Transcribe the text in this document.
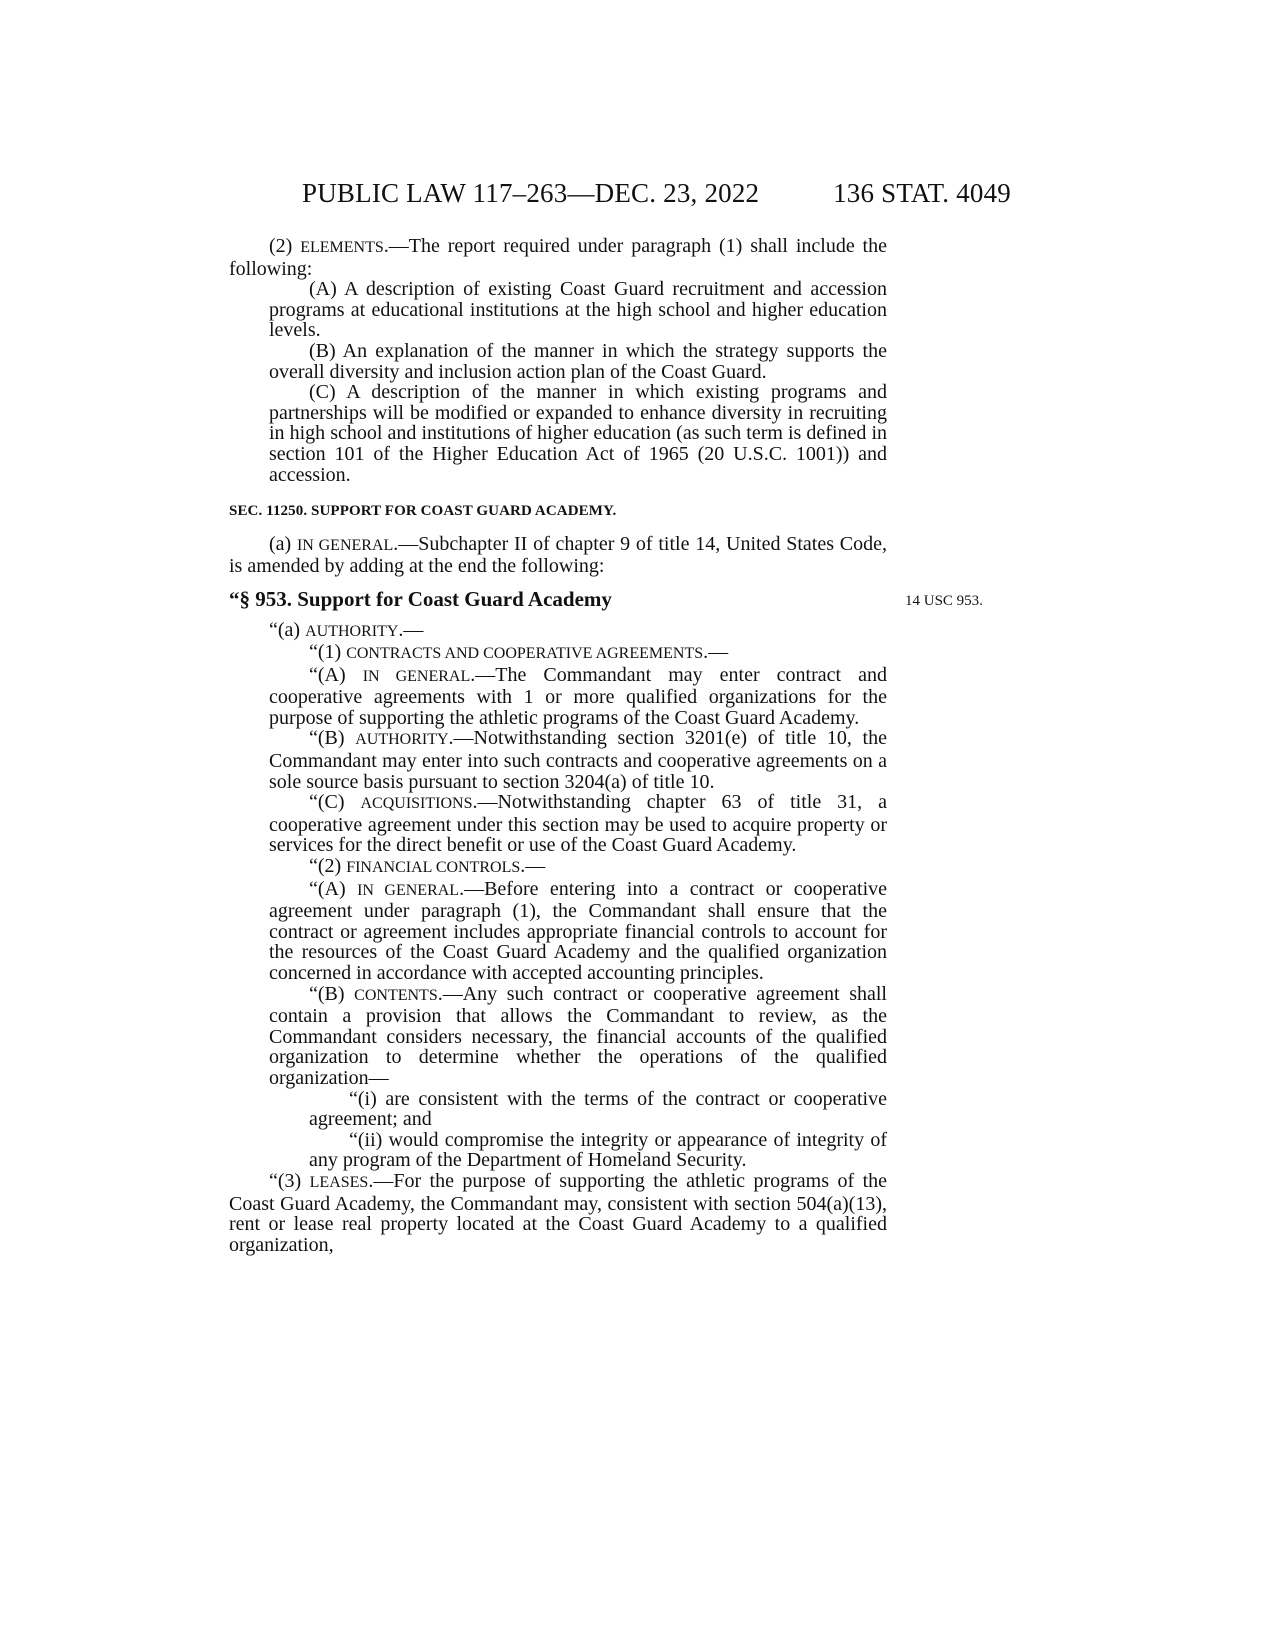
PUBLIC LAW 117–263—DEC. 23, 2022	136 STAT. 4049

(2) ELEMENTS.—The report required under paragraph (1) shall include the following:

(A) A description of existing Coast Guard recruitment and accession programs at educational institutions at the high school and higher education levels.

(B) An explanation of the manner in which the strategy supports the overall diversity and inclusion action plan of the Coast Guard.

(C) A description of the manner in which existing programs and partnerships will be modified or expanded to enhance diversity in recruiting in high school and institutions of higher education (as such term is defined in section 101 of the Higher Education Act of 1965 (20 U.S.C. 1001)) and accession.

SEC. 11250. SUPPORT FOR COAST GUARD ACADEMY.

(a) IN GENERAL.—Subchapter II of chapter 9 of title 14, United States Code, is amended by adding at the end the following:

“§ 953. Support for Coast Guard Academy	14 USC 953.

“(a) AUTHORITY.—

“(1) CONTRACTS AND COOPERATIVE AGREEMENTS.—

“(A) IN GENERAL.—The Commandant may enter contract and cooperative agreements with 1 or more qualified organizations for the purpose of supporting the athletic programs of the Coast Guard Academy.

“(B) AUTHORITY.—Notwithstanding section 3201(e) of title 10, the Commandant may enter into such contracts and cooperative agreements on a sole source basis pursuant to section 3204(a) of title 10.

“(C) ACQUISITIONS.—Notwithstanding chapter 63 of title 31, a cooperative agreement under this section may be used to acquire property or services for the direct benefit or use of the Coast Guard Academy.

“(2) FINANCIAL CONTROLS.—

“(A) IN GENERAL.—Before entering into a contract or cooperative agreement under paragraph (1), the Commandant shall ensure that the contract or agreement includes appropriate financial controls to account for the resources of the Coast Guard Academy and the qualified organization concerned in accordance with accepted accounting principles.

“(B) CONTENTS.—Any such contract or cooperative agreement shall contain a provision that allows the Commandant to review, as the Commandant considers necessary, the financial accounts of the qualified organization to determine whether the operations of the qualified organization—

“(i) are consistent with the terms of the contract or cooperative agreement; and

“(ii) would compromise the integrity or appearance of integrity of any program of the Department of Homeland Security.

“(3) LEASES.—For the purpose of supporting the athletic programs of the Coast Guard Academy, the Commandant may, consistent with section 504(a)(13), rent or lease real property located at the Coast Guard Academy to a qualified organization,
